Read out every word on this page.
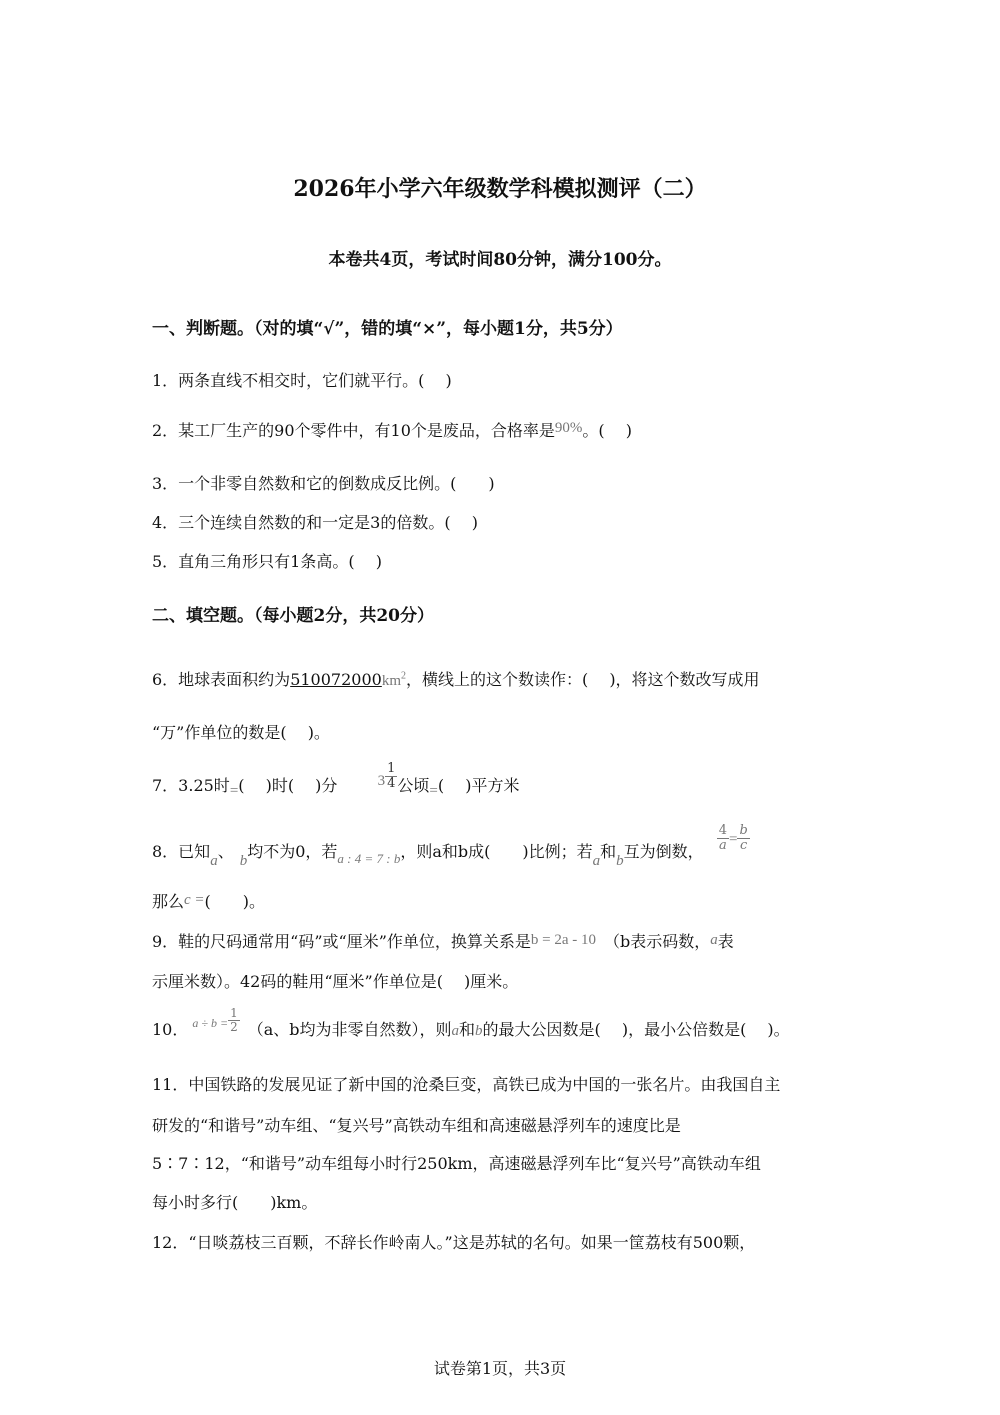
2026年小学六年级数学科模拟测评（二）
本卷共4页，考试时间80分钟，满分100分。
一、判断题。（对的填“√”，错的填“×”，每小题1分，共5分）
1．两条直线不相交时，它们就平行。(　 )
2．某工厂生产的90个零件中，有10个是废品，合格率是90%。(　 )
3．一个非零自然数和它的倒数成反比例。(　　)
4．三个连续自然数的和一定是3的倍数。(　 )
5．直角三角形只有1条高。(　 )
二、填空题。（每小题2分，共20分）
6．地球表面积约为$510072000km^2$，横线上的这个数读作：(　 )，将这个数改写成用
“万”作单位的数是(　 )。
7．3.25时=(　 )时(　 )分	$3 \frac{1}{4}$ 公顷=(　 )平方米
8．已知a、 b均不为0，若$_{a : 4 = 7 : b}$，则a和b成(　　)比例；若a和b互为倒数， $\frac{4}{a} = \frac{b}{c}$
那么c =(　　)。
9．鞋的尺码通常用“码”或“厘米”作单位，换算关系是b = 2a - 10 （b表示码数，a表
示厘米数）。42码的鞋用“厘米”作单位是(　 )厘米。
10． $a \div b = \frac{1}{2} (a$、b均为非零自然数），则a和b的最大公因数是(　 )，最小公倍数是(　 )。
11．中国铁路的发展见证了新中国的沧桑巨变，高铁已成为中国的一张名片。由我国自主
研发的“和谐号”动车组、“复兴号”高铁动车组和高速磁悬浮列车的速度比是
5∶7∶12，“和谐号”动车组每小时行250km，高速磁悬浮列车比“复兴号”高铁动车组
每小时多行(　　)km。
12．“日啖荔枝三百颗，不辞长作岭南人。”这是苏轼的名句。如果一筐荔枝有500颗，
试卷第1页，共3页
